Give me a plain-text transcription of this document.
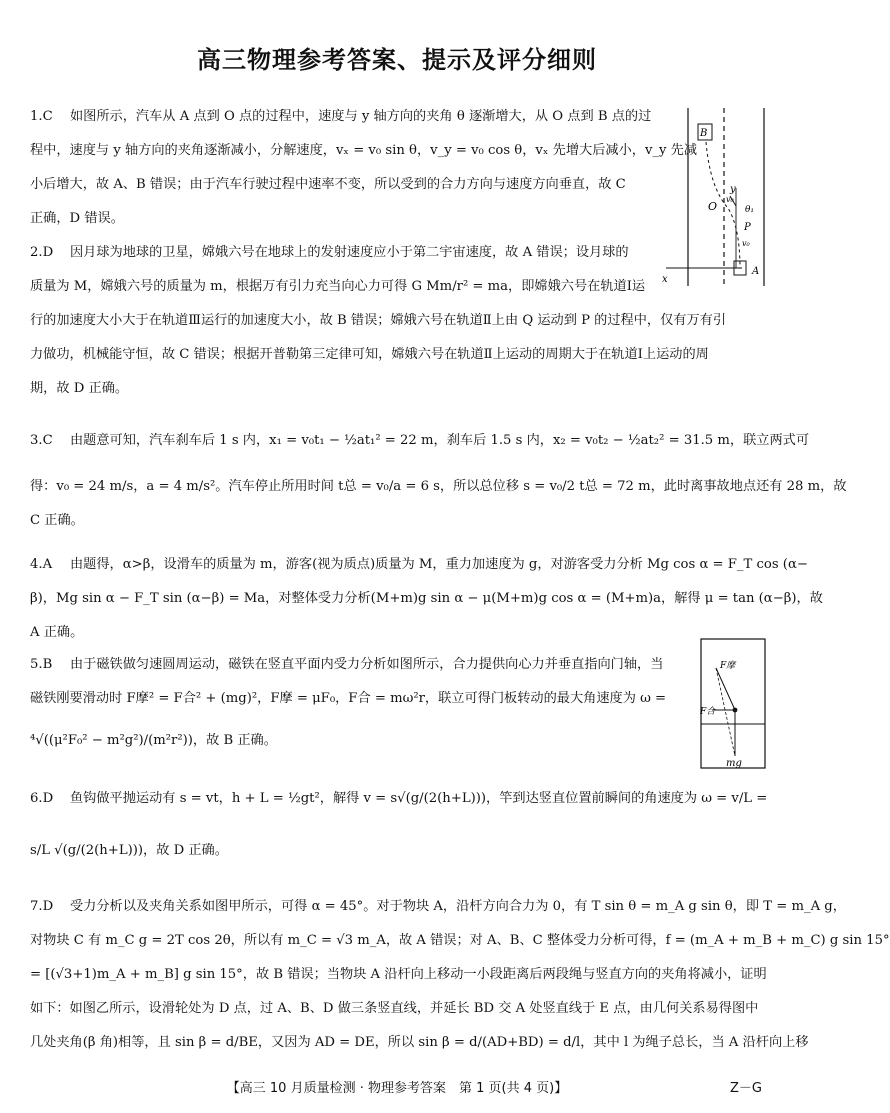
高三物理参考答案、提示及评分细则

1.C 如图所示，汽车从 A 点到 O 点的过程中，速度与 y 轴方向的夹角 θ 逐渐增大，从 O 点到 B 点的过

程中，速度与 y 轴方向的夹角逐渐减小，分解速度，vₓ = v₀ sin θ，v_y = v₀ cos θ，vₓ 先增大后减小，v_y 先减

小后增大，故 A、B 错误；由于汽车行驶过程中速率不变，所以受到的合力方向与速度方向垂直，故 C

正确，D 错误。

2.D 因月球为地球的卫星，嫦娥六号在地球上的发射速度应小于第二宇宙速度，故 A 错误；设月球的

质量为 M，嫦娥六号的质量为 m，根据万有引力充当向心力可得 G Mm/r² = ma，即嫦娥六号在轨道Ⅰ运

行的加速度大小大于在轨道Ⅲ运行的加速度大小，故 B 错误；嫦娥六号在轨道Ⅱ上由 Q 运动到 P 的过程中，仅有万有引

力做功，机械能守恒，故 C 错误；根据开普勒第三定律可知，嫦娥六号在轨道Ⅱ上运动的周期大于在轨道Ⅰ上运动的周

期，故 D 正确。

3.C 由题意可知，汽车刹车后 1 s 内，x₁ = v₀t₁ − ½at₁² = 22 m，刹车后 1.5 s 内，x₂ = v₀t₂ − ½at₂² = 31.5 m，联立两式可

得：v₀ = 24 m/s，a = 4 m/s²。汽车停止所用时间 t总 = v₀/a = 6 s，所以总位移 s = v₀/2 t总 = 72 m，此时离事故地点还有 28 m，故

C 正确。

4.A 由题得，α>β，设滑车的质量为 m，游客(视为质点)质量为 M，重力加速度为 g，对游客受力分析 Mg cos α = F_T cos (α−

β)，Mg sin α − F_T sin (α−β) = Ma，对整体受力分析(M+m)g sin α − μ(M+m)g cos α = (M+m)a，解得 μ = tan (α−β)，故

A 正确。

5.B 由于磁铁做匀速圆周运动，磁铁在竖直平面内受力分析如图所示，合力提供向心力并垂直指向门轴，当

磁铁刚要滑动时 F摩² = F合² + (mg)²，F摩 = μF₀，F合 = mω²r，联立可得门板转动的最大角速度为 ω =

⁴√((μ²F₀² − m²g²)/(m²r²))，故 B 正确。

6.D 鱼钩做平抛运动有 s = vt，h + L = ½gt²，解得 v = s√(g/(2(h+L)))，竿到达竖直位置前瞬间的角速度为 ω = v/L =

s/L √(g/(2(h+L)))，故 D 正确。

7.D 受力分析以及夹角关系如图甲所示，可得 α = 45°。对于物块 A，沿杆方向合力为 0，有 T sin θ = m_A g sin θ，即 T = m_A g，

对物块 C 有 m_C g = 2T cos 2θ，所以有 m_C = √3 m_A，故 A 错误；对 A、B、C 整体受力分析可得，f = (m_A + m_B + m_C) g sin 15°

= [(√3+1)m_A + m_B] g sin 15°，故 B 错误；当物块 A 沿杆向上移动一小段距离后两段绳与竖直方向的夹角将减小，证明

如下：如图乙所示，设滑轮处为 D 点，过 A、B、D 做三条竖直线，并延长 BD 交 A 处竖直线于 E 点，由几何关系易得图中

几处夹角(β 角)相等，且 sin β = d/BE，又因为 AD = DE，所以 sin β = d/(AD+BD) = d/l，其中 l 为绳子总长，当 A 沿杆向上移

B
y
O
v₀
θ₁
P
v₀
A
x
F摩
F合
mg
【高三 10 月质量检测 · 物理参考答案　第 1 页(共 4 页)】	Z－G
